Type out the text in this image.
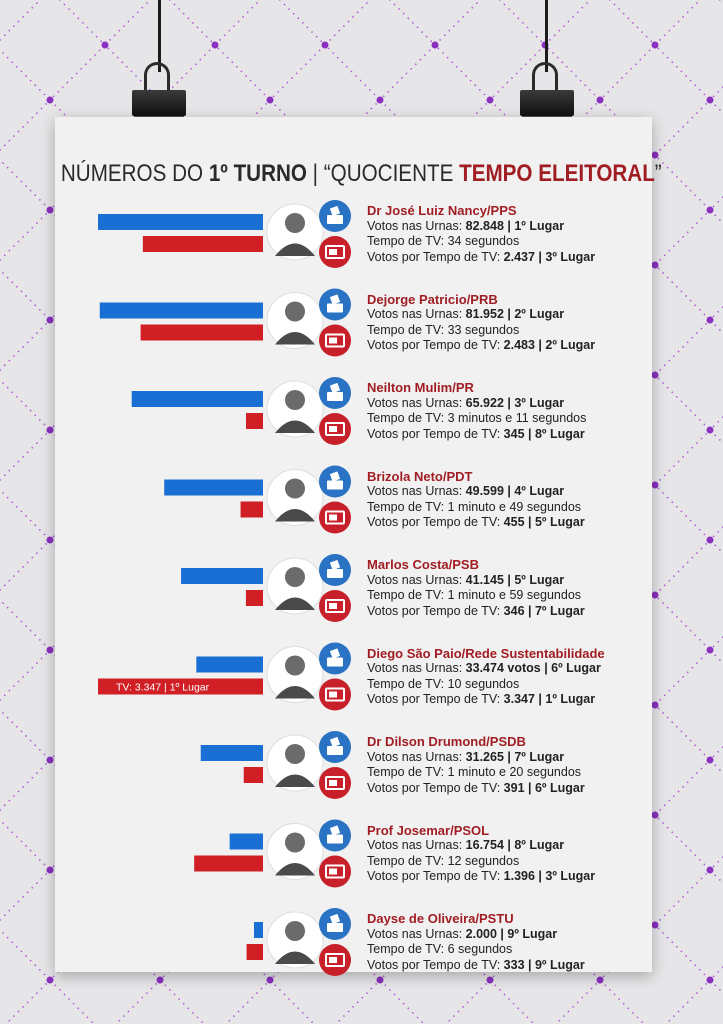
NÚMEROS DO 1º TURNO | “QUOCIENTE TEMPO ELEITORAL”
TV: 3.347 | 1º Lugar
Dr José Luiz Nancy/PPS
Votos nas Urnas: 82.848 | 1º Lugar
Tempo de TV: 34 segundos
Votos por Tempo de TV: 2.437 | 3º Lugar
Dejorge Patricio/PRB
Votos nas Urnas: 81.952 | 2º Lugar
Tempo de TV: 33 segundos
Votos por Tempo de TV: 2.483 | 2º Lugar
Neilton Mulim/PR
Votos nas Urnas: 65.922 | 3º Lugar
Tempo de TV: 3 minutos e 11 segundos
Votos por Tempo de TV: 345 | 8º Lugar
Brizola Neto/PDT
Votos nas Urnas: 49.599 | 4º Lugar
Tempo de TV: 1 minuto e 49 segundos
Votos por Tempo de TV: 455 | 5º Lugar
Marlos Costa/PSB
Votos nas Urnas: 41.145 | 5º Lugar
Tempo de TV: 1 minuto e 59 segundos
Votos por Tempo de TV: 346 | 7º Lugar
Diego São Paio/Rede Sustentabilidade
Votos nas Urnas: 33.474 votos | 6º Lugar
Tempo de TV: 10 segundos
Votos por Tempo de TV: 3.347 | 1º Lugar
Dr Dilson Drumond/PSDB
Votos nas Urnas: 31.265 | 7º Lugar
Tempo de TV: 1 minuto e 20 segundos
Votos por Tempo de TV: 391 | 6º Lugar
Prof Josemar/PSOL
Votos nas Urnas: 16.754 | 8º Lugar
Tempo de TV: 12 segundos
Votos por Tempo de TV: 1.396 | 3º Lugar
Dayse de Oliveira/PSTU
Votos nas Urnas: 2.000 | 9º Lugar
Tempo de TV: 6 segundos
Votos por Tempo de TV: 333 | 9º Lugar
